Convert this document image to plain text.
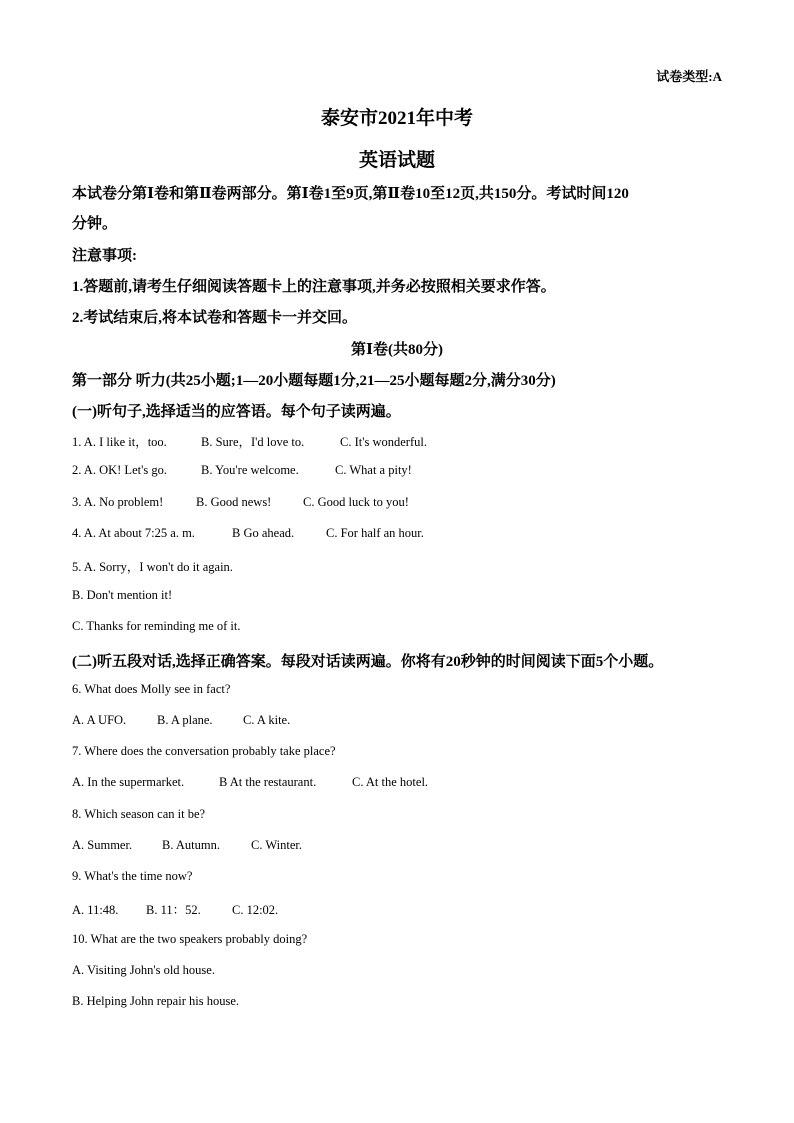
试卷类型:A
泰安市2021年中考
英语试题
本试卷分第Ⅰ卷和第Ⅱ卷两部分。第Ⅰ卷1至9页,第Ⅱ卷10至12页,共150分。考试时间120
分钟。
注意事项:
1.答题前,请考生仔细阅读答题卡上的注意事项,并务必按照相关要求作答。
2.考试结束后,将本试卷和答题卡一并交回。
第Ⅰ卷(共80分)
第一部分 听力(共25小题;1—20小题每题1分,21—25小题每题2分,满分30分)
(一)听句子,选择适当的应答语。每个句子读两遍。
1. A. I like it，too.	B. Sure，I'd love to.	C. It's wonderful.
2. A. OK! Let's go.	B. You're welcome.	C. What a pity!
3. A. No problem!	B. Good news!	C. Good luck to you!
4. A. At about 7:25 a. m.	B Go ahead.	C. For half an hour.
5. A. Sorry，I won't do it again.
B. Don't mention it!
C. Thanks for reminding me of it.
(二)听五段对话,选择正确答案。每段对话读两遍。你将有20秒钟的时间阅读下面5个小题。
6. What does Molly see in fact?
A. A UFO. B. A plane. C. A kite.
7. Where does the conversation probably take place?
A. In the supermarket.	B At the restaurant.	C. At the hotel.
8. Which season can it be?
A. Summer. B. Autumn. C. Winter.
9. What's the time now?
A. 11:48. B. 11：52.	C. 12:02.
10. What are the two speakers probably doing?
A. Visiting John's old house.
B. Helping John repair his house.
